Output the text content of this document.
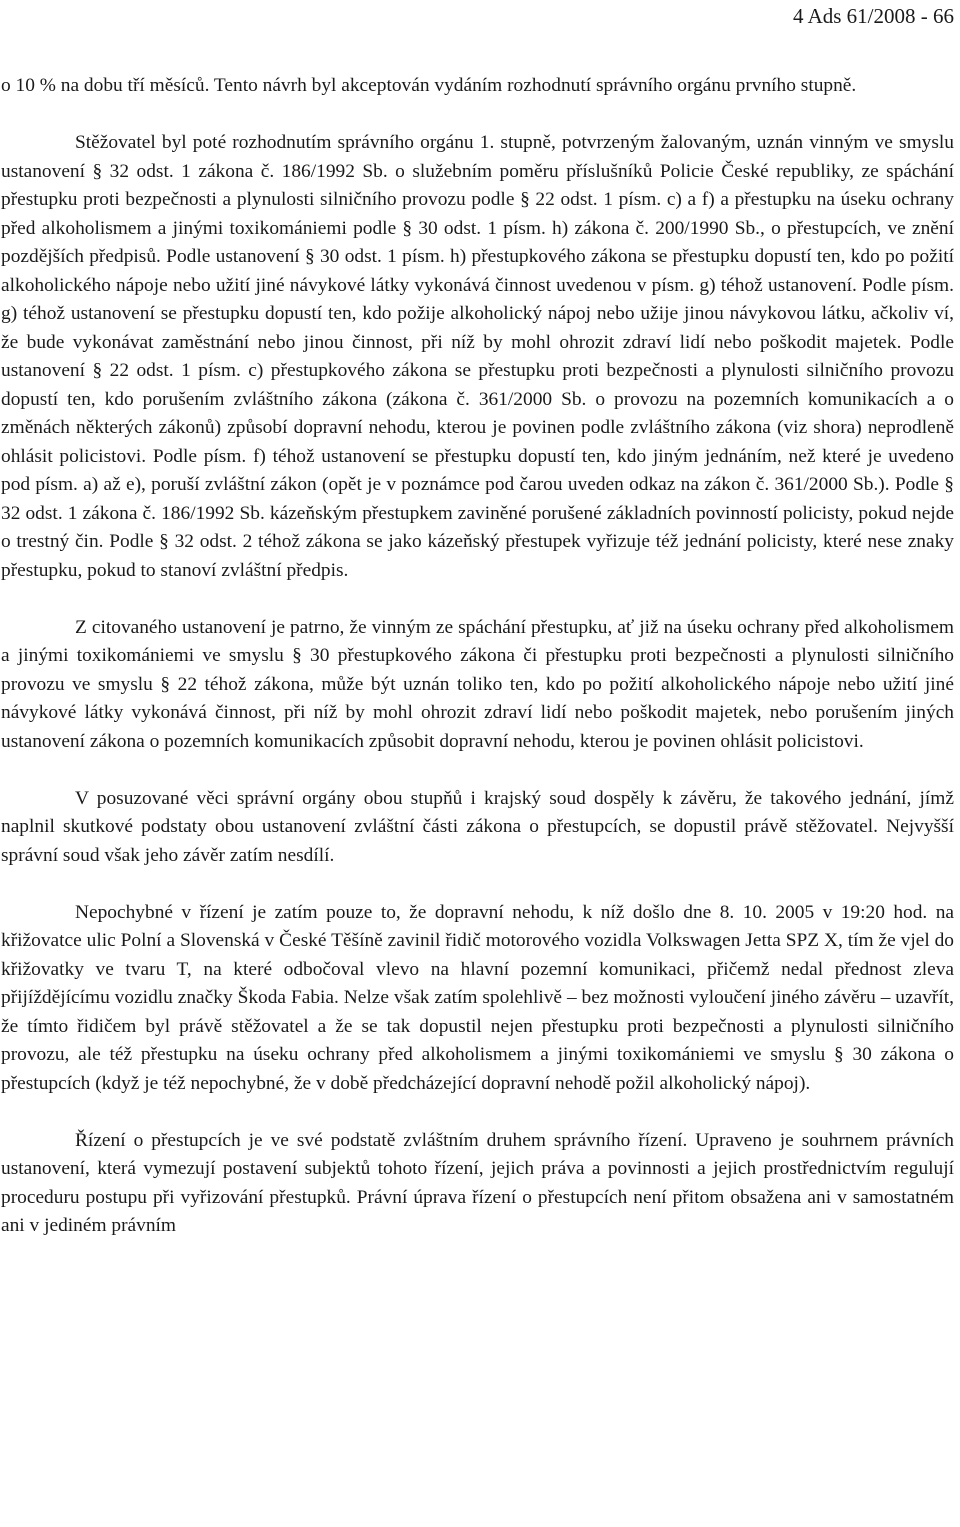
4 Ads 61/2008 - 66

o 10 % na dobu tří měsíců. Tento návrh byl akceptován vydáním rozhodnutí správního orgánu prvního stupně.

Stěžovatel byl poté rozhodnutím správního orgánu 1. stupně, potvrzeným žalovaným, uznán vinným ve smyslu ustanovení § 32 odst. 1 zákona č. 186/1992 Sb. o služebním poměru příslušníků Policie České republiky, ze spáchání přestupku proti bezpečnosti a plynulosti silničního provozu podle § 22 odst. 1 písm. c) a f) a přestupku na úseku ochrany před alkoholismem a jinými toxikomániemi podle § 30 odst. 1 písm. h) zákona č. 200/1990 Sb., o přestupcích, ve znění pozdějších předpisů. Podle ustanovení § 30 odst. 1 písm. h) přestupkového zákona se přestupku dopustí ten, kdo po požití alkoholického nápoje nebo užití jiné návykové látky vykonává činnost uvedenou v písm. g) téhož ustanovení. Podle písm. g) téhož ustanovení se přestupku dopustí ten, kdo požije alkoholický nápoj nebo užije jinou návykovou látku, ačkoliv ví, že bude vykonávat zaměstnání nebo jinou činnost, při níž by mohl ohrozit zdraví lidí nebo poškodit majetek. Podle ustanovení § 22 odst. 1 písm. c) přestupkového zákona se přestupku proti bezpečnosti a plynulosti silničního provozu dopustí ten, kdo porušením zvláštního zákona (zákona č. 361/2000 Sb. o provozu na pozemních komunikacích a o změnách některých zákonů) způsobí dopravní nehodu, kterou je povinen podle zvláštního zákona (viz shora) neprodleně ohlásit policistovi. Podle písm. f) téhož ustanovení se přestupku dopustí ten, kdo jiným jednáním, než které je uvedeno pod písm. a) až e), poruší zvláštní zákon (opět je v poznámce pod čarou uveden odkaz na zákon č. 361/2000 Sb.). Podle § 32 odst. 1 zákona č. 186/1992 Sb. kázeňským přestupkem zaviněné porušené základních povinností policisty, pokud nejde o trestný čin. Podle § 32 odst. 2 téhož zákona se jako kázeňský přestupek vyřizuje též jednání policisty, které nese znaky přestupku, pokud to stanoví zvláštní předpis.

Z citovaného ustanovení je patrno, že vinným ze spáchání přestupku, ať již na úseku ochrany před alkoholismem a jinými toxikomániemi ve smyslu § 30 přestupkového zákona či přestupku proti bezpečnosti a plynulosti silničního provozu ve smyslu § 22 téhož zákona, může být uznán toliko ten, kdo po požití alkoholického nápoje nebo užití jiné návykové látky vykonává činnost, při níž by mohl ohrozit zdraví lidí nebo poškodit majetek, nebo porušením jiných ustanovení zákona o pozemních komunikacích způsobit dopravní nehodu, kterou je povinen ohlásit policistovi.

V posuzované věci správní orgány obou stupňů i krajský soud dospěly k závěru, že takového jednání, jímž naplnil skutkové podstaty obou ustanovení zvláštní části zákona o přestupcích, se dopustil právě stěžovatel. Nejvyšší správní soud však jeho závěr zatím nesdílí.

Nepochybné v řízení je zatím pouze to, že dopravní nehodu, k níž došlo dne 8. 10. 2005 v 19:20 hod. na křižovatce ulic Polní a Slovenská v České Těšíně zavinil řidič motorového vozidla Volkswagen Jetta SPZ X, tím že vjel do křižovatky ve tvaru T, na které odbočoval vlevo na hlavní pozemní komunikaci, přičemž nedal přednost zleva přijíždějícímu vozidlu značky Škoda Fabia. Nelze však zatím spolehlivě – bez možnosti vyloučení jiného závěru – uzavřít, že tímto řidičem byl právě stěžovatel a že se tak dopustil nejen přestupku proti bezpečnosti a plynulosti silničního provozu, ale též přestupku na úseku ochrany před alkoholismem a jinými toxikomániemi ve smyslu § 30 zákona o přestupcích (když je též nepochybné, že v době předcházející dopravní nehodě požil alkoholický nápoj).

Řízení o přestupcích je ve své podstatě zvláštním druhem správního řízení. Upraveno je souhrnem právních ustanovení, která vymezují postavení subjektů tohoto řízení, jejich práva a povinnosti a jejich prostřednictvím regulují proceduru postupu při vyřizování přestupků. Právní úprava řízení o přestupcích není přitom obsažena ani v samostatném ani v jediném právním
